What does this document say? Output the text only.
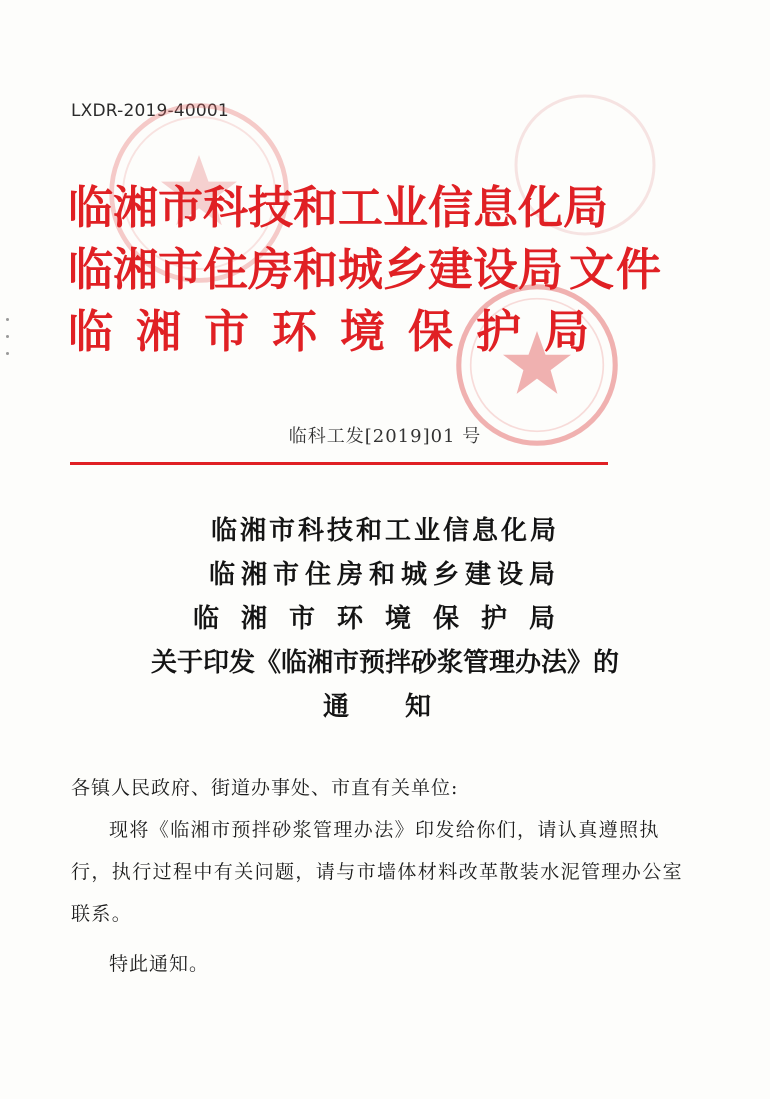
LXDR-2019-40001
临湘市科技和工业信息化局
临湘市住房和城乡建设局 文件
临湘市环境保护局
临科工发[2019]01 号
临湘市科技和工业信息化局
临湘市住房和城乡建设局
临湘市环境保护局
关于印发《临湘市预拌砂浆管理办法》的
通知
各镇人民政府、街道办事处、市直有关单位:
现将《临湘市预拌砂浆管理办法》印发给你们，请认真遵照执行，执行过程中有关问题，请与市墙体材料改革散装水泥管理办公室联系。
特此通知。
